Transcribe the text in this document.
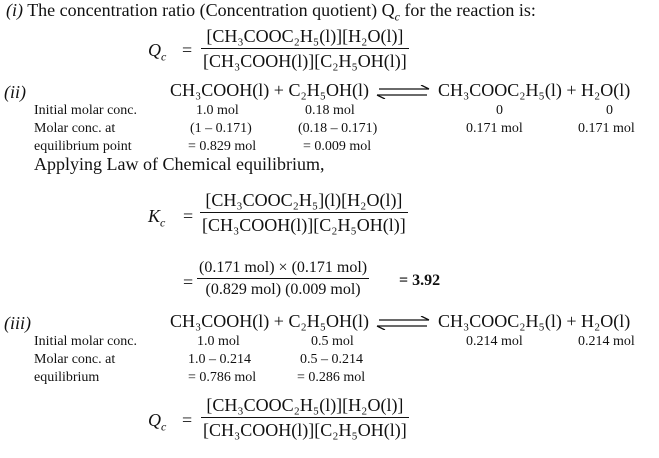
(i) The concentration ratio (Concentration quotient) $Q_c$ for the reaction is:
$Q_c$ =
[CH₃COOC₂H₅(l)][H₂O(l)]
[CH₃COOH(l)][C₂H₅OH(l)]
(ii)	CH₃COOH(l) + C₂H₅OH(l) ⇌ CH₃COOC₂H₅(l) + H₂O(l)
Initial molar conc.	1.0 mol	0.18 mol	0	0
Molar conc. at	(1 – 0.171)	(0.18 – 0.171)	0.171 mol	0.171 mol
equilibrium point	= 0.829 mol	= 0.009 mol
Applying Law of Chemical equilibrium,
$K_c$ =
[CH₃COOC₂H₅](l)[H₂O(l)]
[CH₃COOH(l)][C₂H₅OH(l)]
=
(0.171 mol) × (0.171 mol)
(0.829 mol) (0.009 mol)
= 3.92
(iii)	CH₃COOH(l) + C₂H₅OH(l) ⇌ CH₃COOC₂H₅(l) + H₂O(l)
Initial molar conc.	1.0 mol	0.5 mol	0.214 mol	0.214 mol
Molar conc. at	1.0 – 0.214	0.5 – 0.214
equilibrium	= 0.786 mol	= 0.286 mol
$Q_c$ =
[CH₃COOC₂H₅(l)][H₂O(l)]
[CH₃COOH(l)][C₂H₅OH(l)]
